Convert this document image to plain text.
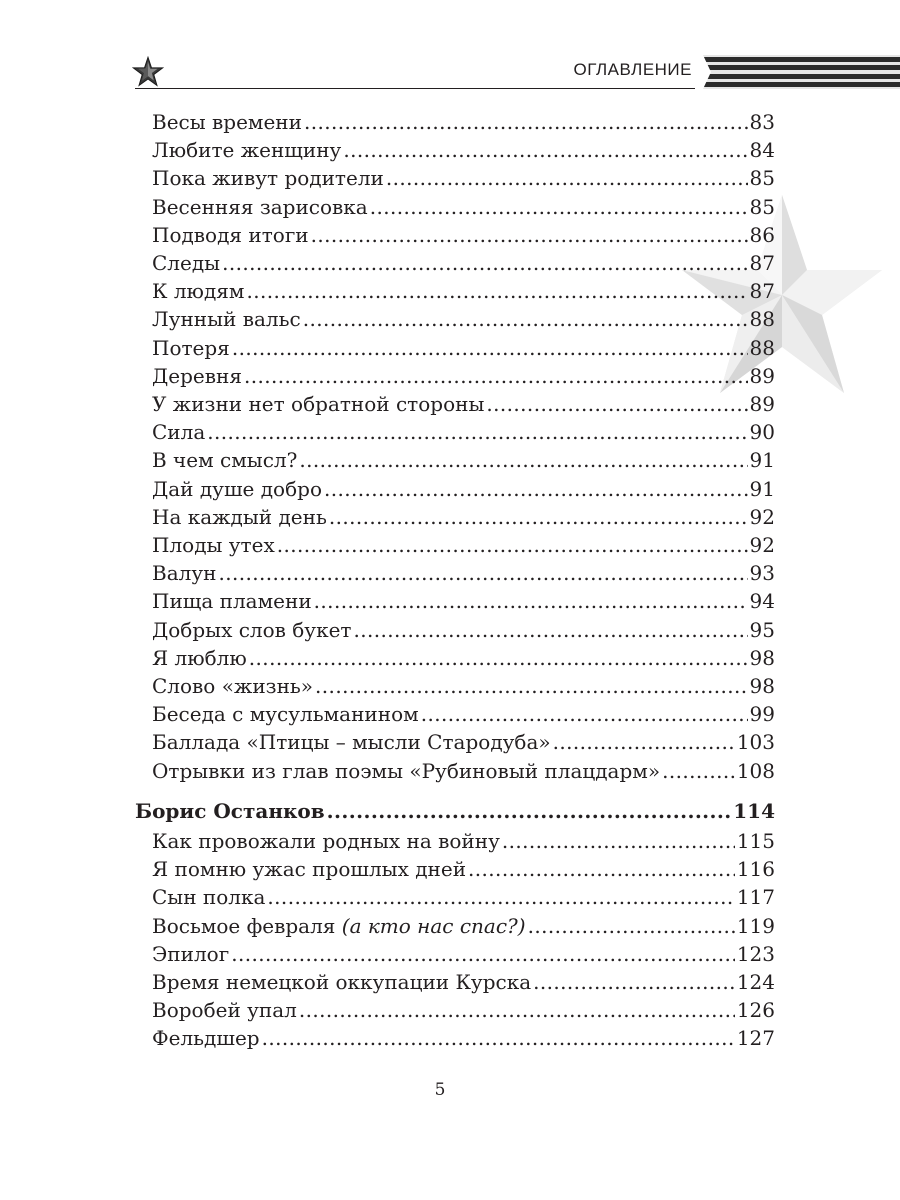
ОГЛАВЛЕНИЕ
Весы времени .....	83
Любите женщину .....	84
Пока живут родители .....	85
Весенняя зарисовка .....	85
Подводя итоги .....	86
Следы .....	87
К людям .....	87
Лунный вальс .....	88
Потеря .....	88
Деревня .....	89
У жизни нет обратной стороны .....	89
Сила .....	90
В чем смысл? .....	91
Дай душе добро .....	91
На каждый день .....	92
Плоды утех .....	92
Валун .....	93
Пища пламени .....	94
Добрых слов букет .....	95
Я люблю .....	98
Слово «жизнь» .....	98
Беседа с мусульманином .....	99
Баллада «Птицы – мысли Стародуба» .....	103
Отрывки из глав поэмы «Рубиновый плацдарм» .....	108
Борис Останков .....	114
Как провожали родных на войну .....	115
Я помню ужас прошлых дней .....	116
Сын полка .....	117
Восьмое февраля (а кто нас спас?) .....	119
Эпилог .....	123
Время немецкой оккупации Курска .....	124
Воробей упал .....	126
Фельдшер .....	127
5
